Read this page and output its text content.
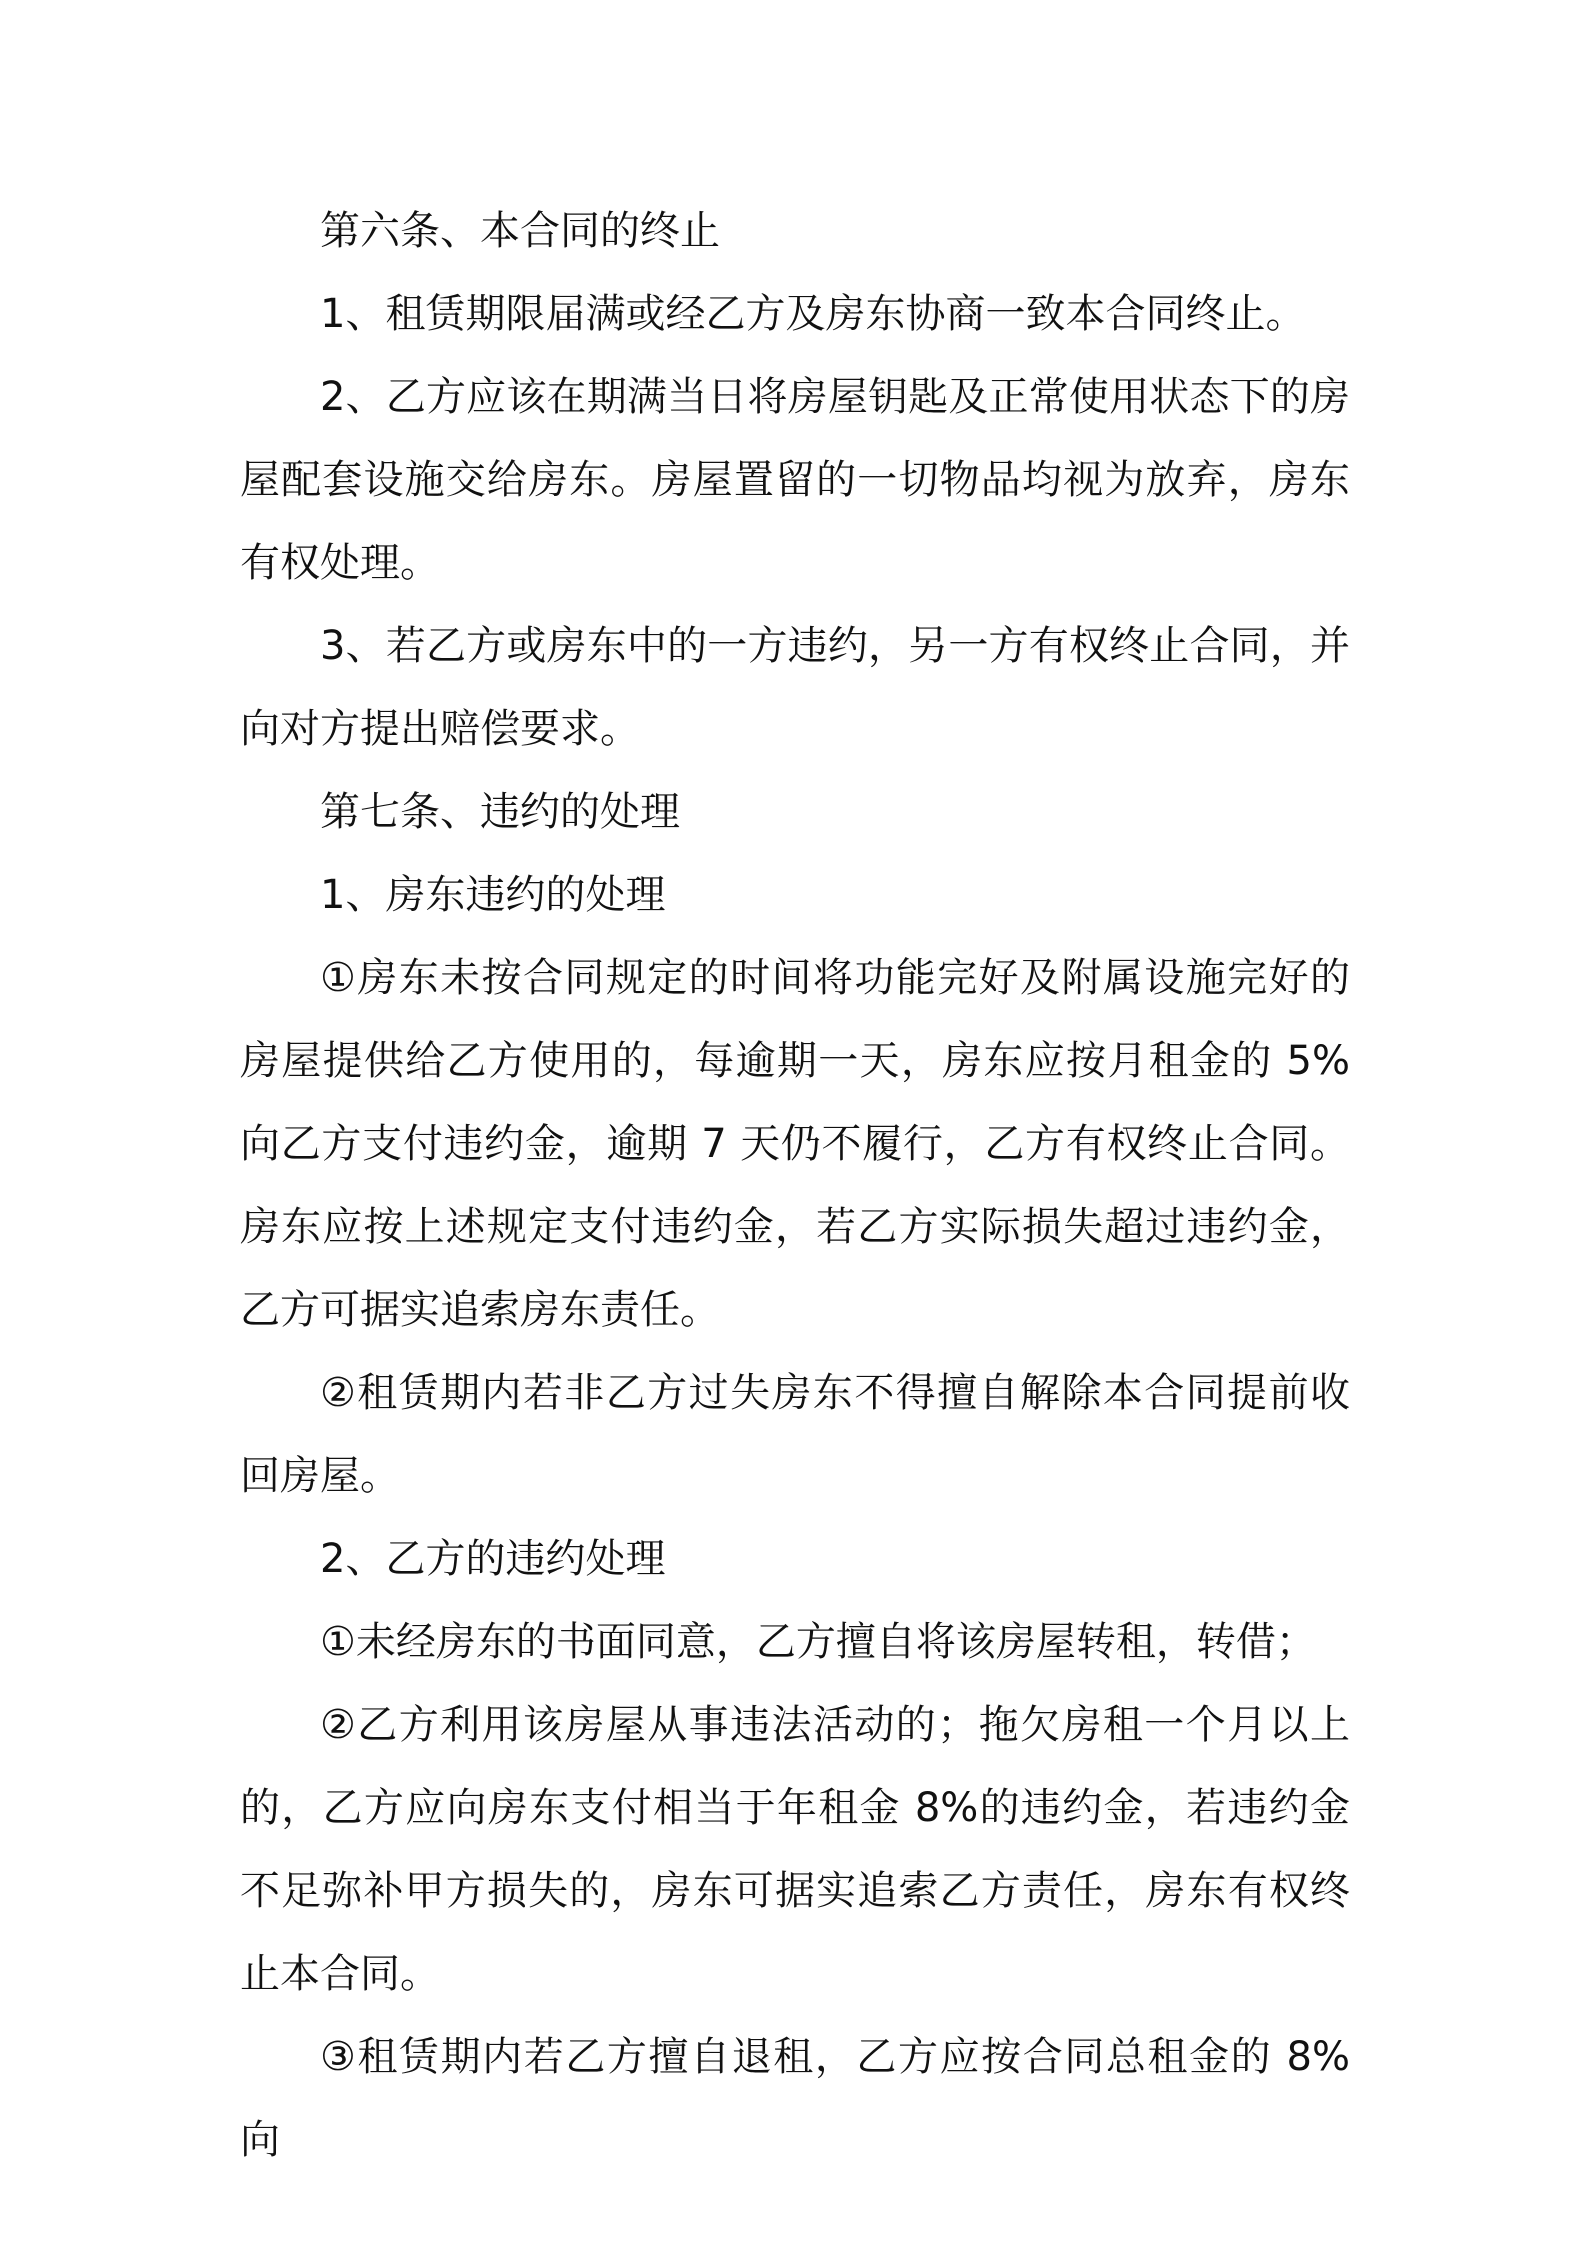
第六条、本合同的终止

1、租赁期限届满或经乙方及房东协商一致本合同终止。

2、乙方应该在期满当日将房屋钥匙及正常使用状态下的房屋配套设施交给房东。房屋置留的一切物品均视为放弃，房东有权处理。

3、若乙方或房东中的一方违约，另一方有权终止合同，并向对方提出赔偿要求。

第七条、违约的处理

1、房东违约的处理

①房东未按合同规定的时间将功能完好及附属设施完好的房屋提供给乙方使用的，每逾期一天，房东应按月租金的 5%向乙方支付违约金，逾期 7 天仍不履行，乙方有权终止合同。房东应按上述规定支付违约金，若乙方实际损失超过违约金，乙方可据实追索房东责任。

②租赁期内若非乙方过失房东不得擅自解除本合同提前收回房屋。

2、乙方的违约处理

①未经房东的书面同意，乙方擅自将该房屋转租，转借；

②乙方利用该房屋从事违法活动的；拖欠房租一个月以上的，乙方应向房东支付相当于年租金 8%的违约金，若违约金不足弥补甲方损失的，房东可据实追索乙方责任，房东有权终止本合同。

③租赁期内若乙方擅自退租，乙方应按合同总租金的 8%向
